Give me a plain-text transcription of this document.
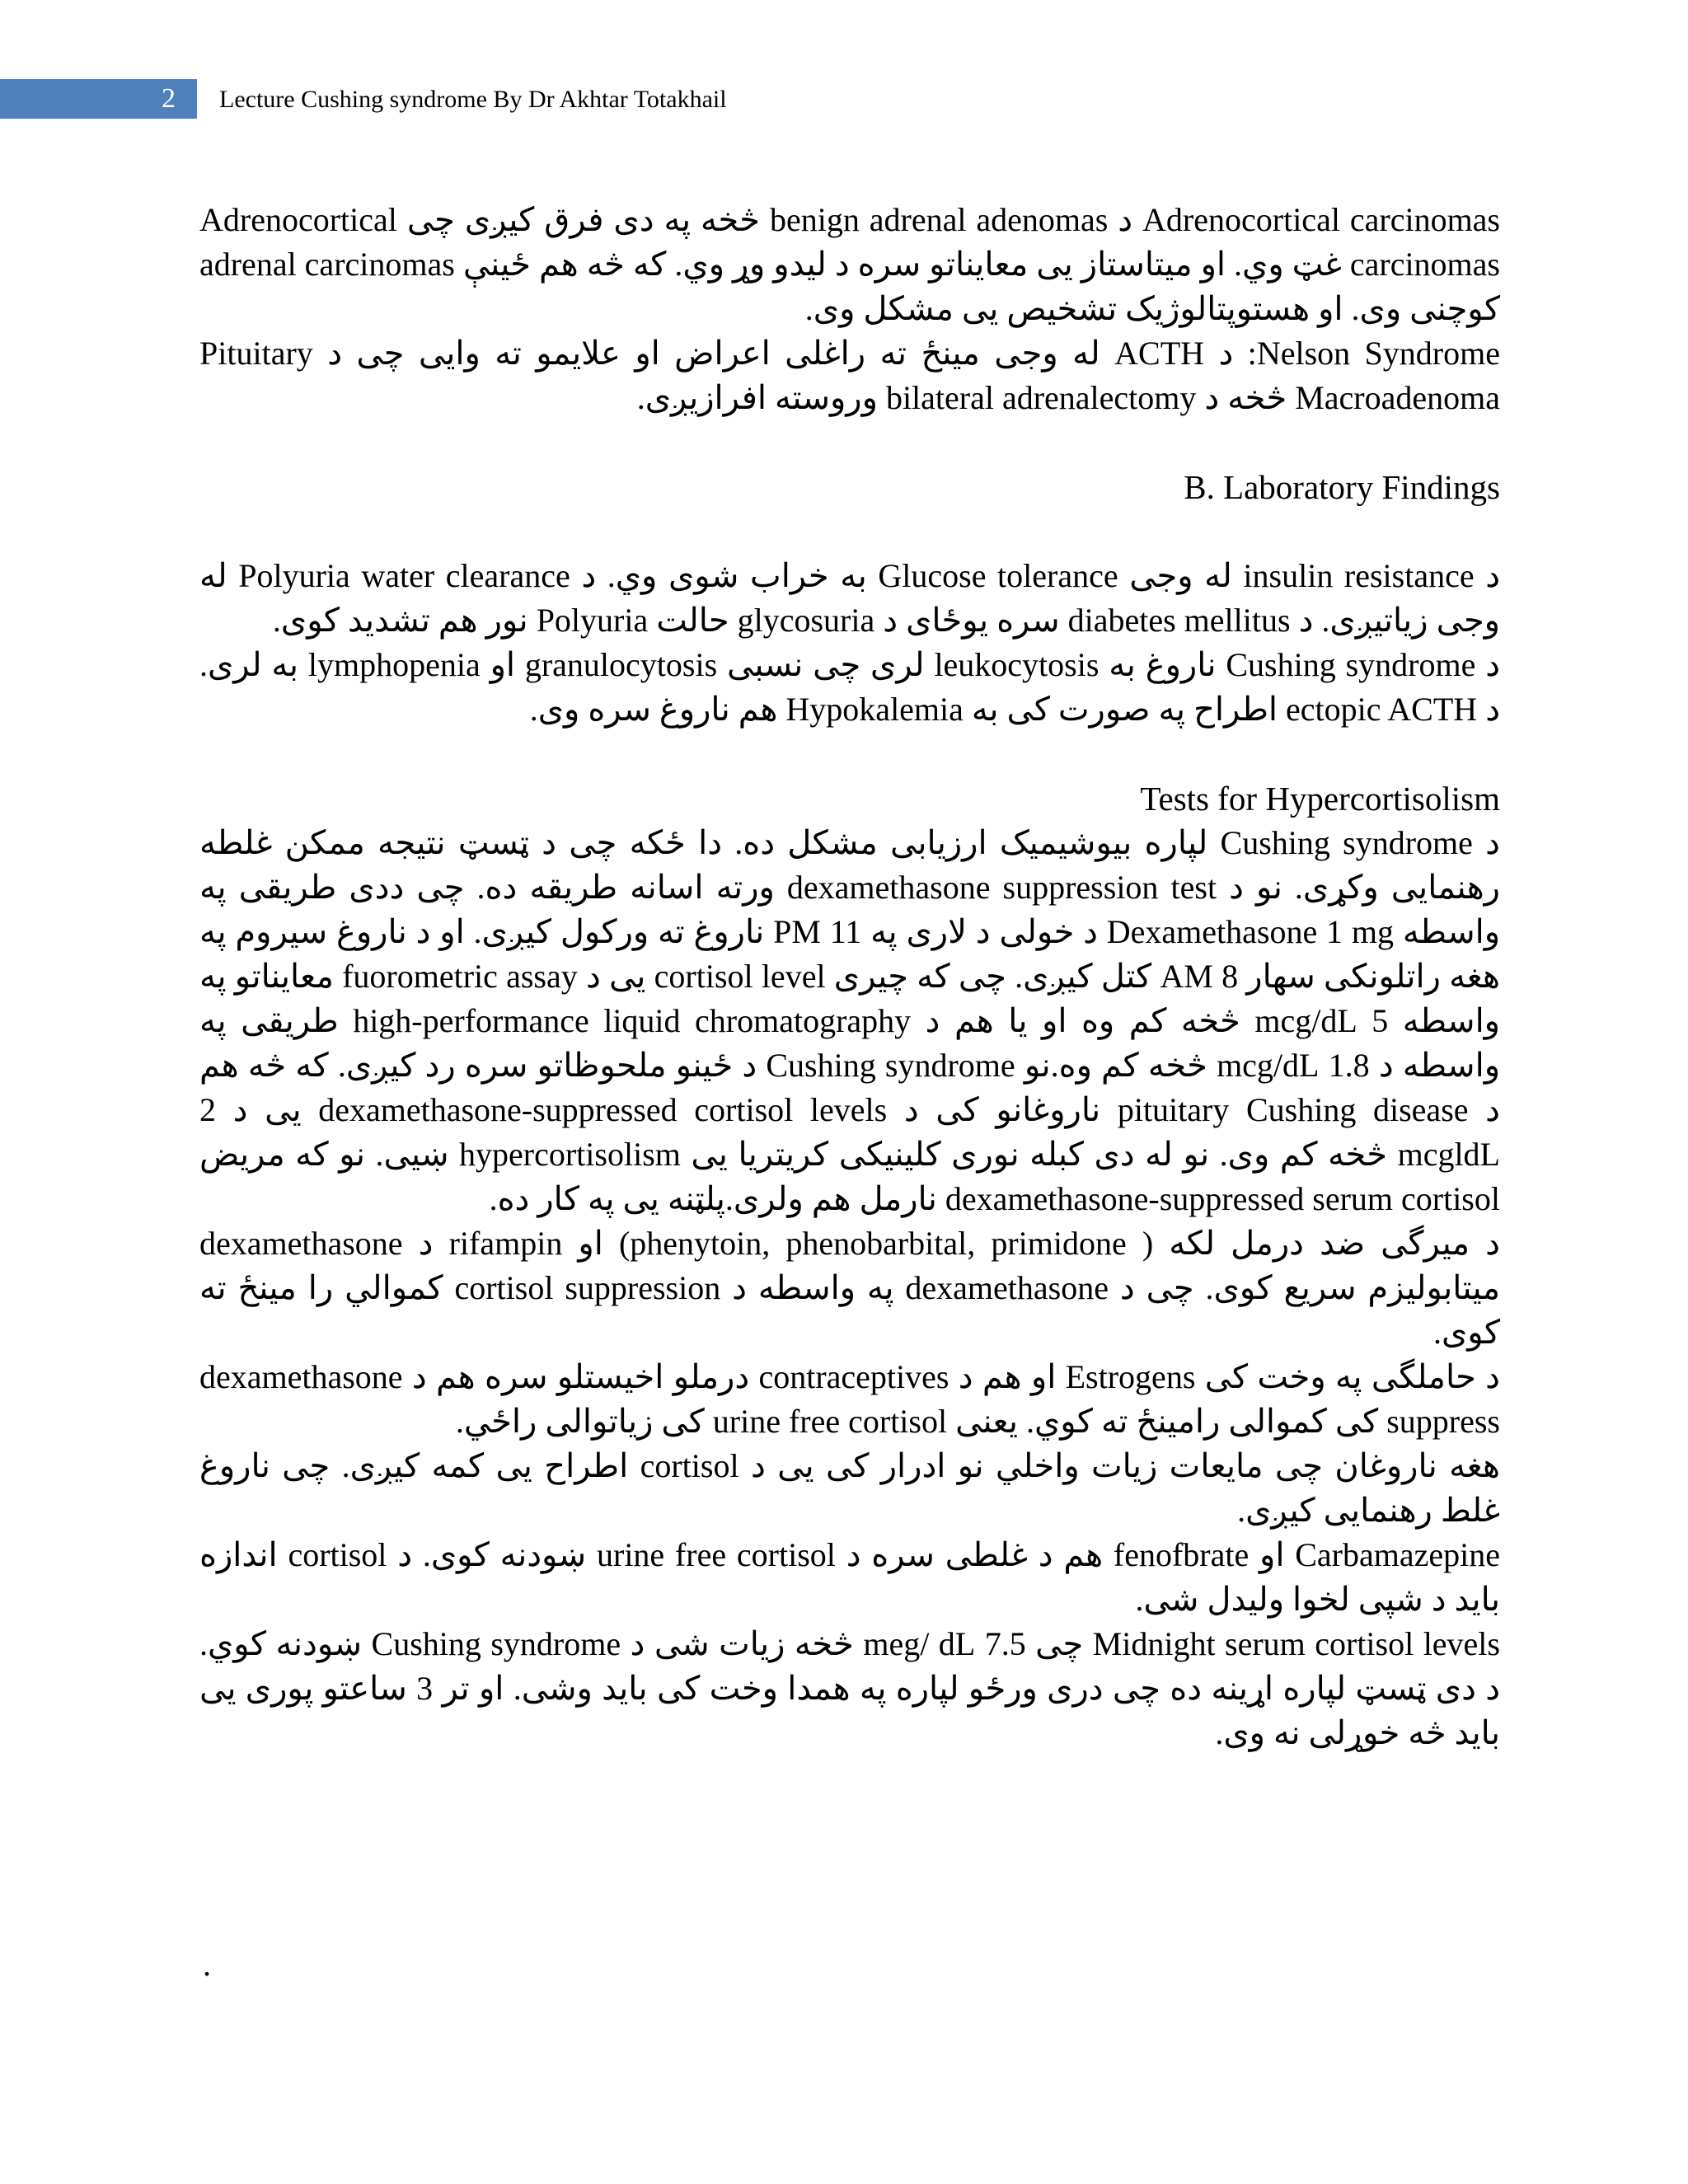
2 Lecture Cushing syndrome By Dr Akhtar Totakhail

Adrenocortical carcinomas د benign adrenal adenomas څخه په دی فرق کيږی چی Adrenocortical carcinomas غټ وي. او ميتاستاز يی معايناتو سره د ليدو وړ وي. که څه هم ځينې adrenal carcinomas کوچنی وی. او هستوپتالوژيک تشخيص يی مشکل وی.

Nelson Syndrome: د ACTH له وجی مينځ ته راغلی اعراض او علايمو ته وايی چی د Pituitary Macroadenoma څخه د bilateral adrenalectomy وروسته افرازيږی.

B. Laboratory Findings

د insulin resistance له وجی Glucose tolerance به خراب شوی وي. د Polyuria water clearance له وجی زياتيږی. د diabetes mellitus سره يوځای د glycosuria حالت Polyuria نور هم تشديد کوی.

د Cushing syndrome ناروغ به leukocytosis لری چی نسبی granulocytosis او lymphopenia به لری. د ectopic ACTH اطراح په صورت کی به Hypokalemia هم ناروغ سره وی.

Tests for Hypercortisolism

د Cushing syndrome لپاره بيوشيميک ارزيابی مشکل ده. دا ځکه چی د ټسټ نتيجه ممکن غلطه رهنمايی وکړی. نو د dexamethasone suppression test ورته اسانه طريقه ده. چی ددی طريقی په واسطه Dexamethasone 1 mg د خولی د لاری په 11 PM ناروغ ته ورکول کيږی. او د ناروغ سيروم په هغه راتلونکی سهار 8 AM کتل کيږی. چی که چيری cortisol level يی د fuorometric assay معايناتو په واسطه 5 mcg/dL څخه کم وه او يا هم د high-performance liquid chromatography طريقی په واسطه د 1.8 mcg/dL څخه کم وه.نو Cushing syndrome د ځينو ملحوظاتو سره رد کيږی. که څه هم د pituitary Cushing disease ناروغانو کی د dexamethasone-suppressed cortisol levels يی د 2 mcgldL څخه کم وی. نو له دی کبله نوری کلينيکی کريتريا يی hypercortisolism ښيی. نو که مريض dexamethasone-suppressed serum cortisol نارمل هم ولری.پلټنه يی په کار ده.

د ميرگی ضد درمل لکه ( phenytoin, phenobarbital, primidone) او rifampin د dexamethasone ميتابوليزم سريع کوی. چی د dexamethasone په واسطه د cortisol suppression کموالي را مينځ ته کوی.

د حاملگی په وخت کی Estrogens او هم د contraceptives درملو اخيستلو سره هم د dexamethasone suppress کی کموالی رامينځ ته کوي. يعنی urine free cortisol کی زياتوالی راځي.

هغه ناروغان چی مايعات زيات واخلي نو ادرار کی يی د cortisol اطراح يی کمه کيږی. چی ناروغ غلط رهنمايی کيږی.

Carbamazepine او fenofbrate هم د غلطی سره د urine free cortisol ښودنه کوی. د cortisol اندازه بايد د شپی لخوا وليدل شی.

Midnight serum cortisol levels چی 7.5 meg/ dL څخه زيات شی د Cushing syndrome ښودنه کوي. د دی ټسټ لپاره اړينه ده چی دری ورځو لپاره په همدا وخت کی بايد وشی. او تر 3 ساعتو پوری يی بايد څه خوړلی نه وی.

.
